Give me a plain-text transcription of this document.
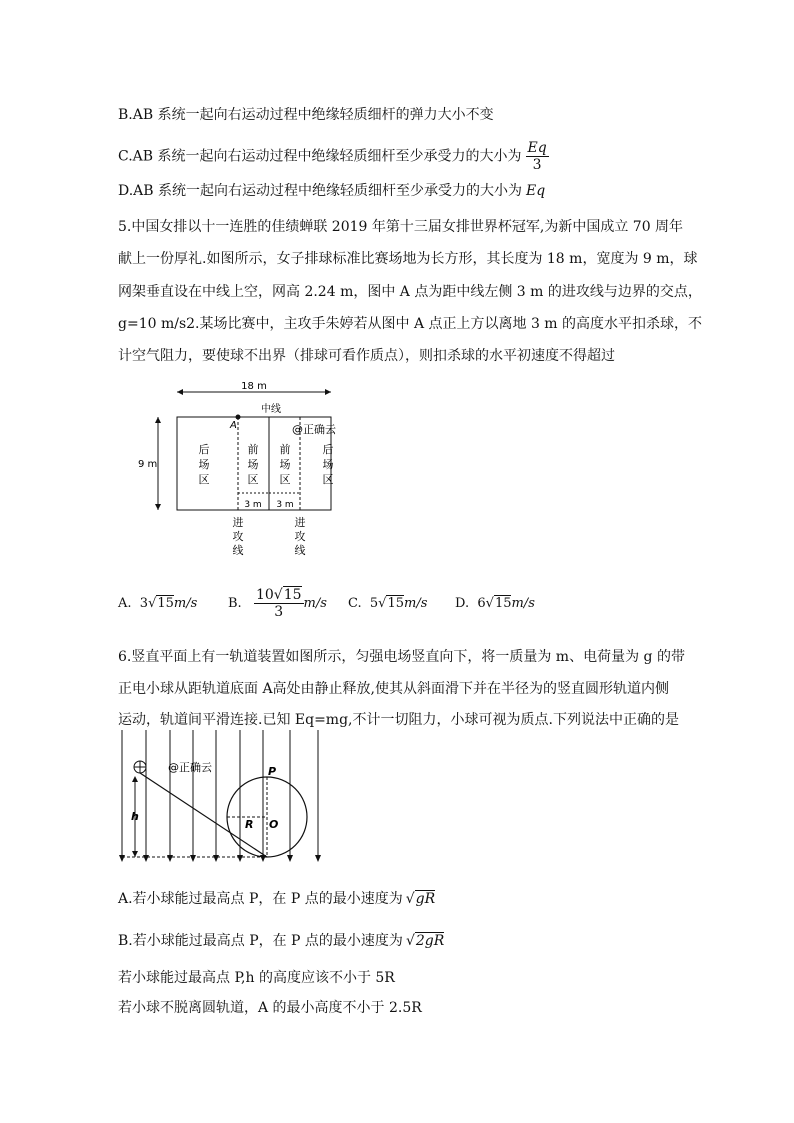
B.AB 系统一起向右运动过程中绝缘轻质细杆的弹力大小不变
C.AB 系统一起向右运动过程中绝缘轻质细杆至少承受力的大小为 $\frac{Eq}{3}$
D.AB 系统一起向右运动过程中绝缘轻质细杆至少承受力的大小为 Eq
5.中国女排以十一连胜的佳绩蝉联 2019 年第十三届女排世界杯冠军,为新中国成立 70 周年
献上一份厚礼.如图所示，女子排球标准比赛场地为长方形，其长度为 18 m，宽度为 9 m，球
网架垂直设在中线上空，网高 2.24 m，图中 A 点为距中线左侧 3 m 的进攻线与边界的交点，
g=10 m/s2.某场比赛中，主攻手朱婷若从图中 A 点正上方以离地 3 m 的高度水平扣杀球，不
计空气阻力，要使球不出界（排球可看作质点），则扣杀球的水平初速度不得超过
18 m
中线
A	@正确云
9 m
后
场
区
前
场
区
前
场
区
后
场
区
3 m 3 m
进
攻
线
进
攻
线
A. 3√15m/s B. $\frac{10√15}{3} m/s$ C. 5√15m/s D. 6√15m/s
6.竖直平面上有一轨道装置如图所示，匀强电场竖直向下，将一质量为 m、电荷量为 g 的带
正电小球从距轨道底面 A高处由静止释放,使其从斜面滑下并在半径为的竖直圆形轨道内侧
运动，轨道间平滑连接.已知 Eq=mg,不计一切阻力，小球可视为质点.下列说法中正确的是
@正确云
h
P
R O
A.若小球能过最高点 P，在 P 点的最小速度为 √gR
B.若小球能过最高点 P，在 P 点的最小速度为 √2gR
若小球能过最高点 P,h 的高度应该不小于 5R
若小球不脱离圆轨道，A 的最小高度不小于 2.5R
